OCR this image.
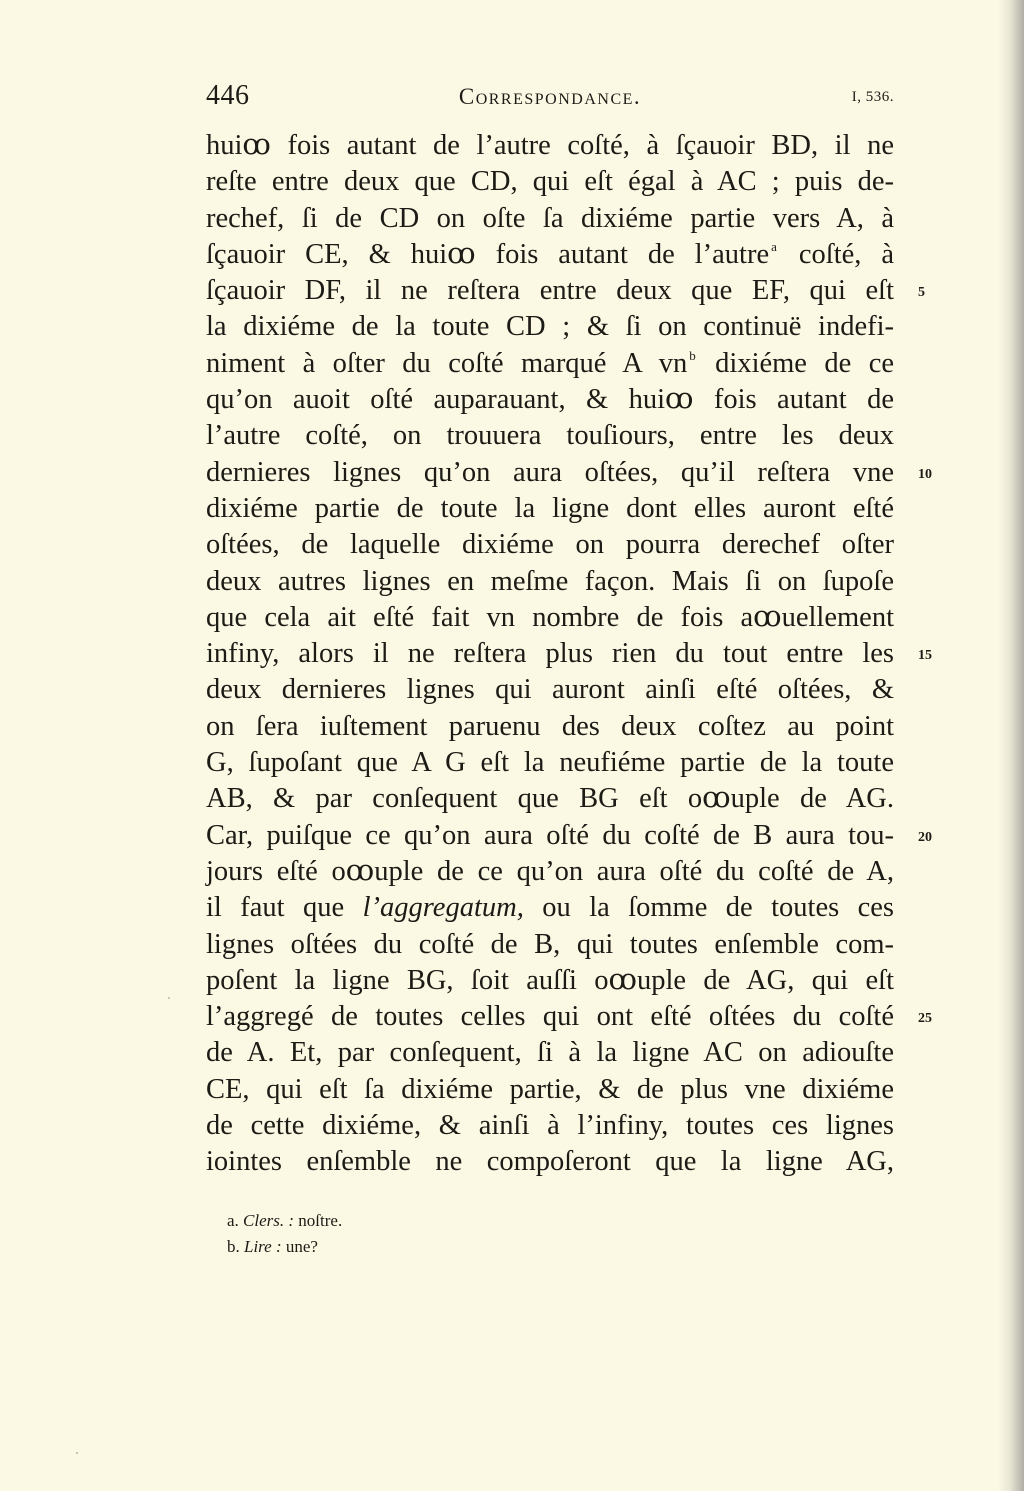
446	Correspondance.	I, 536.
huiꝏ fois autant de l’autre coſté, à ſçauoir BD, il ne
reſte entre deux que CD, qui eſt égal à AC ; puis de-
rechef, ſi de CD on oſte ſa dixiéme partie vers A, à
ſçauoir CE, & huiꝏ fois autant de l’autre $^a$ coſté, à
ſçauoir DF, il ne reſtera entre deux que EF, qui eſt
la dixiéme de la toute CD ; & ſi on continuë indefi-
niment à oſter du coſté marqué A vn $^b$ dixiéme de ce
qu’on auoit oſté auparauant, & huiꝏ fois autant de
l’autre coſté, on trouuera touſiours, entre les deux
dernieres lignes qu’on aura oſtées, qu’il reſtera vne
dixiéme partie de toute la ligne dont elles auront eſté
oſtées, de laquelle dixiéme on pourra derechef oſter
deux autres lignes en meſme façon. Mais ſi on ſupoſe
que cela ait eſté fait vn nombre de fois aꝏuellement
infiny, alors il ne reſtera plus rien du tout entre les
deux dernieres lignes qui auront ainſi eſté oſtées, &
on ſera iuſtement paruenu des deux coſtez au point
G, ſupoſant que A G eſt la neufiéme partie de la toute
AB, & par conſequent que BG eſt oꝏuple de AG.
Car, puiſque ce qu’on aura oſté du coſté de B aura tou-
jours eſté oꝏuple de ce qu’on aura oſté du coſté de A,
il faut que l’aggregatum, ou la ſomme de toutes ces
lignes oſtées du coſté de B, qui toutes enſemble com-
poſent la ligne BG, ſoit auſſi oꝏuple de AG, qui eſt
l’aggregé de toutes celles qui ont eſté oſtées du coſté
de A. Et, par conſequent, ſi à la ligne AC on adiouſte
CE, qui eſt ſa dixiéme partie, & de plus vne dixiéme
de cette dixiéme, & ainſi à l’infiny, toutes ces lignes
iointes enſemble ne compoſeront que la ligne AG,
5
10
15
20
25
a. Clers. : noſtre.
b. Lire : une?
